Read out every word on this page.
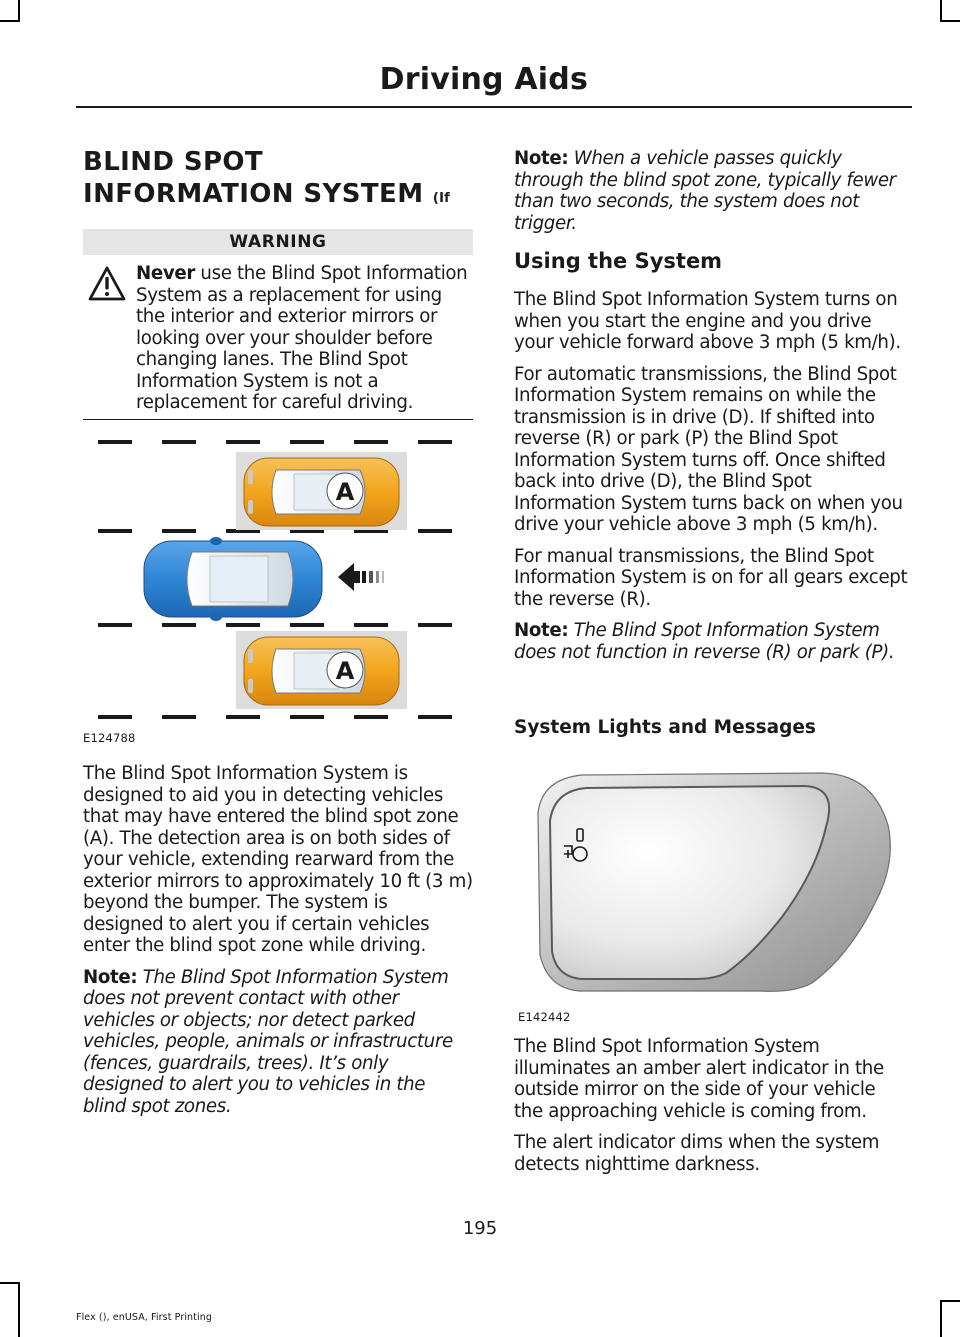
Driving Aids
BLIND SPOT INFORMATION SYSTEM (If
WARNING

Never use the Blind Spot Information System as a replacement for using the interior and exterior mirrors or looking over your shoulder before changing lanes. The Blind Spot Information System is not a replacement for careful driving.

A
A
E124788

The Blind Spot Information System is designed to aid you in detecting vehicles that may have entered the blind spot zone (A). The detection area is on both sides of your vehicle, extending rearward from the exterior mirrors to approximately 10 ft (3 m) beyond the bumper. The system is designed to alert you if certain vehicles enter the blind spot zone while driving.

Note: The Blind Spot Information System does not prevent contact with other vehicles or objects; nor detect parked vehicles, people, animals or infrastructure (fences, guardrails, trees). It’s only designed to alert you to vehicles in the blind spot zones.

Note: When a vehicle passes quickly through the blind spot zone, typically fewer than two seconds, the system does not trigger.

Using the System

The Blind Spot Information System turns on when you start the engine and you drive your vehicle forward above 3 mph (5 km/h).

For automatic transmissions, the Blind Spot Information System remains on while the transmission is in drive (D). If shifted into reverse (R) or park (P) the Blind Spot Information System turns off. Once shifted back into drive (D), the Blind Spot Information System turns back on when you drive your vehicle above 3 mph (5 km/h).

For manual transmissions, the Blind Spot Information System is on for all gears except the reverse (R).

Note: The Blind Spot Information System does not function in reverse (R) or park (P).

System Lights and Messages
E142442

The Blind Spot Information System illuminates an amber alert indicator in the outside mirror on the side of your vehicle the approaching vehicle is coming from.

The alert indicator dims when the system detects nighttime darkness.

195
Flex (), enUSA, First Printing
